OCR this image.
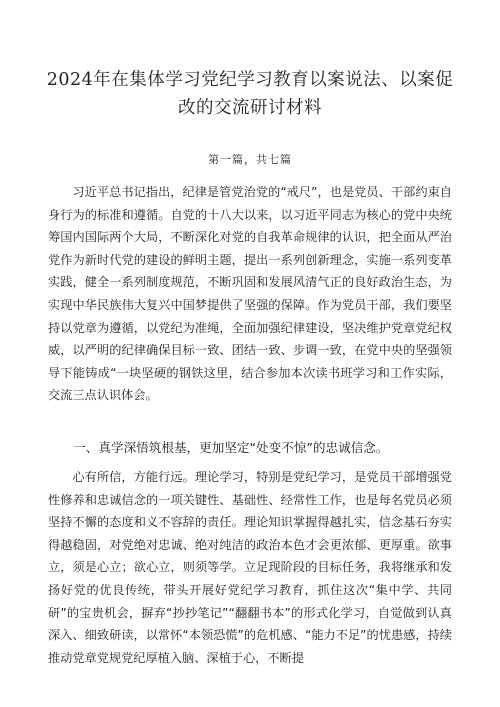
2024年在集体学习党纪学习教育以案说法、以案促改的交流研讨材料
第一篇，共七篇

习近平总书记指出，纪律是管党治党的“戒尺”，也是党员、干部约束自身行为的标准和遵循。自党的十八大以来，以习近平同志为核心的党中央统筹国内国际两个大局，不断深化对党的自我革命规律的认识，把全面从严治党作为新时代党的建设的鲜明主题，提出一系列创新理念，实施一系列变革实践，健全一系列制度规范，不断巩固和发展风清气正的良好政治生态，为实现中华民族伟大复兴中国梦提供了坚强的保障。作为党员干部，我们要坚持以党章为遵循，以党纪为准绳，全面加强纪律建设，坚决维护党章党纪权威，以严明的纪律确保目标一致、团结一致、步调一致，在党中央的坚强领导下能铸成“一块坚硬的钢铁这里，结合参加本次读书班学习和工作实际，交流三点认识体会。

一、真学深悟筑根基，更加坚定“处变不惊”的忠诚信念。

心有所信，方能行远。理论学习，特别是党纪学习，是党员干部增强党性修养和忠诚信念的一项关键性、基础性、经常性工作，也是每名党员必须坚持不懈的态度和义不容辞的责任。理论知识掌握得越扎实，信念基石夯实得越稳固，对党绝对忠诚、绝对纯洁的政治本色才会更浓郁、更厚重。欲事立，须是心立；欲心立，则须等学。立足现阶段的目标任务，我将继承和发扬好党的优良传统，带头开展好党纪学习教育，抓住这次“集中学、共同研”的宝贵机会，摒弃“抄抄笔记”“翻翻书本”的形式化学习，自觉做到认真深入、细致研读，以常怀“本领恐慌”的危机感、“能力不足”的忧患感，持续推动党章党规党纪厚植入脑、深植于心，不断提
